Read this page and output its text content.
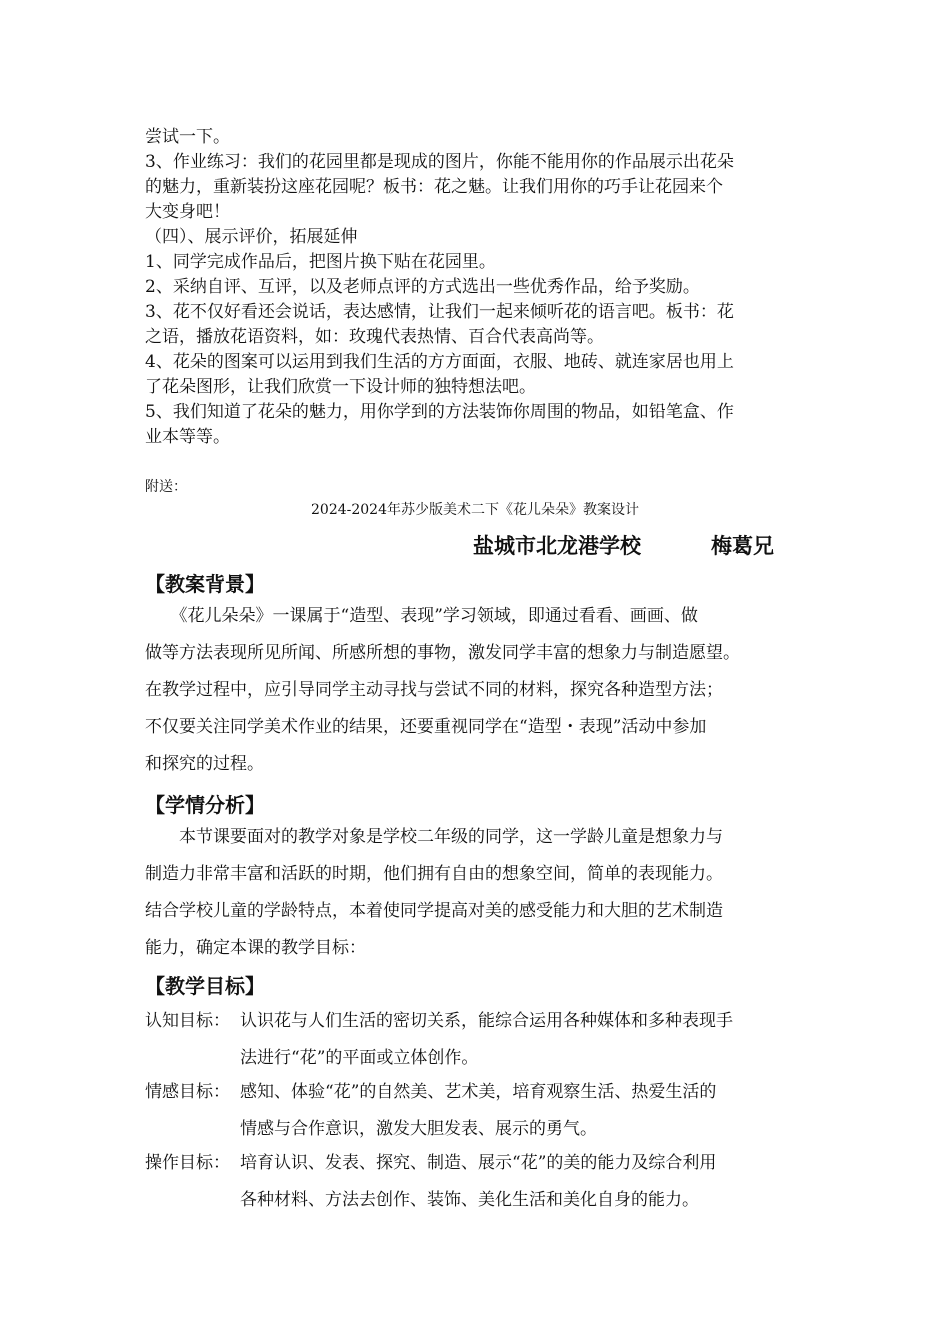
尝试一下。
3、作业练习：我们的花园里都是现成的图片，你能不能用你的作品展示出花朵
的魅力，重新装扮这座花园呢？板书：花之魅。让我们用你的巧手让花园来个
大变身吧！
（四）、展示评价，拓展延伸
1、同学完成作品后，把图片换下贴在花园里。
2、采纳自评、互评，以及老师点评的方式选出一些优秀作品，给予奖励。
3、花不仅好看还会说话，表达感情，让我们一起来倾听花的语言吧。板书：花
之语，播放花语资料，如：玫瑰代表热情、百合代表高尚等。
4、花朵的图案可以运用到我们生活的方方面面，衣服、地砖、就连家居也用上
了花朵图形，让我们欣赏一下设计师的独特想法吧。
5、我们知道了花朵的魅力，用你学到的方法装饰你周围的物品，如铅笔盒、作
业本等等。
附送：
2024-2024年苏少版美术二下《花儿朵朵》教案设计
盐城市北龙港学校	梅葛兄
【教案背景】
　　《花儿朵朵》一课属于“造型、表现”学习领域，即通过看看、画画、做
做等方法表现所见所闻、所感所想的事物，激发同学丰富的想象力与制造愿望。
在教学过程中，应引导同学主动寻找与尝试不同的材料，探究各种造型方法；
不仅要关注同学美术作业的结果，还要重视同学在“造型・表现”活动中参加
和探究的过程。
【学情分析】
　　本节课要面对的教学对象是学校二年级的同学，这一学龄儿童是想象力与
制造力非常丰富和活跃的时期，他们拥有自由的想象空间，简单的表现能力。
结合学校儿童的学龄特点，本着使同学提高对美的感受能力和大胆的艺术制造
能力，确定本课的教学目标：
【教学目标】
认知目标： 认识花与人们生活的密切关系，能综合运用各种媒体和多种表现手
法进行“花”的平面或立体创作。
情感目标： 感知、体验“花”的自然美、艺术美，培育观察生活、热爱生活的
情感与合作意识，激发大胆发表、展示的勇气。
操作目标： 培育认识、发表、探究、制造、展示“花”的美的能力及综合利用
各种材料、方法去创作、装饰、美化生活和美化自身的能力。
